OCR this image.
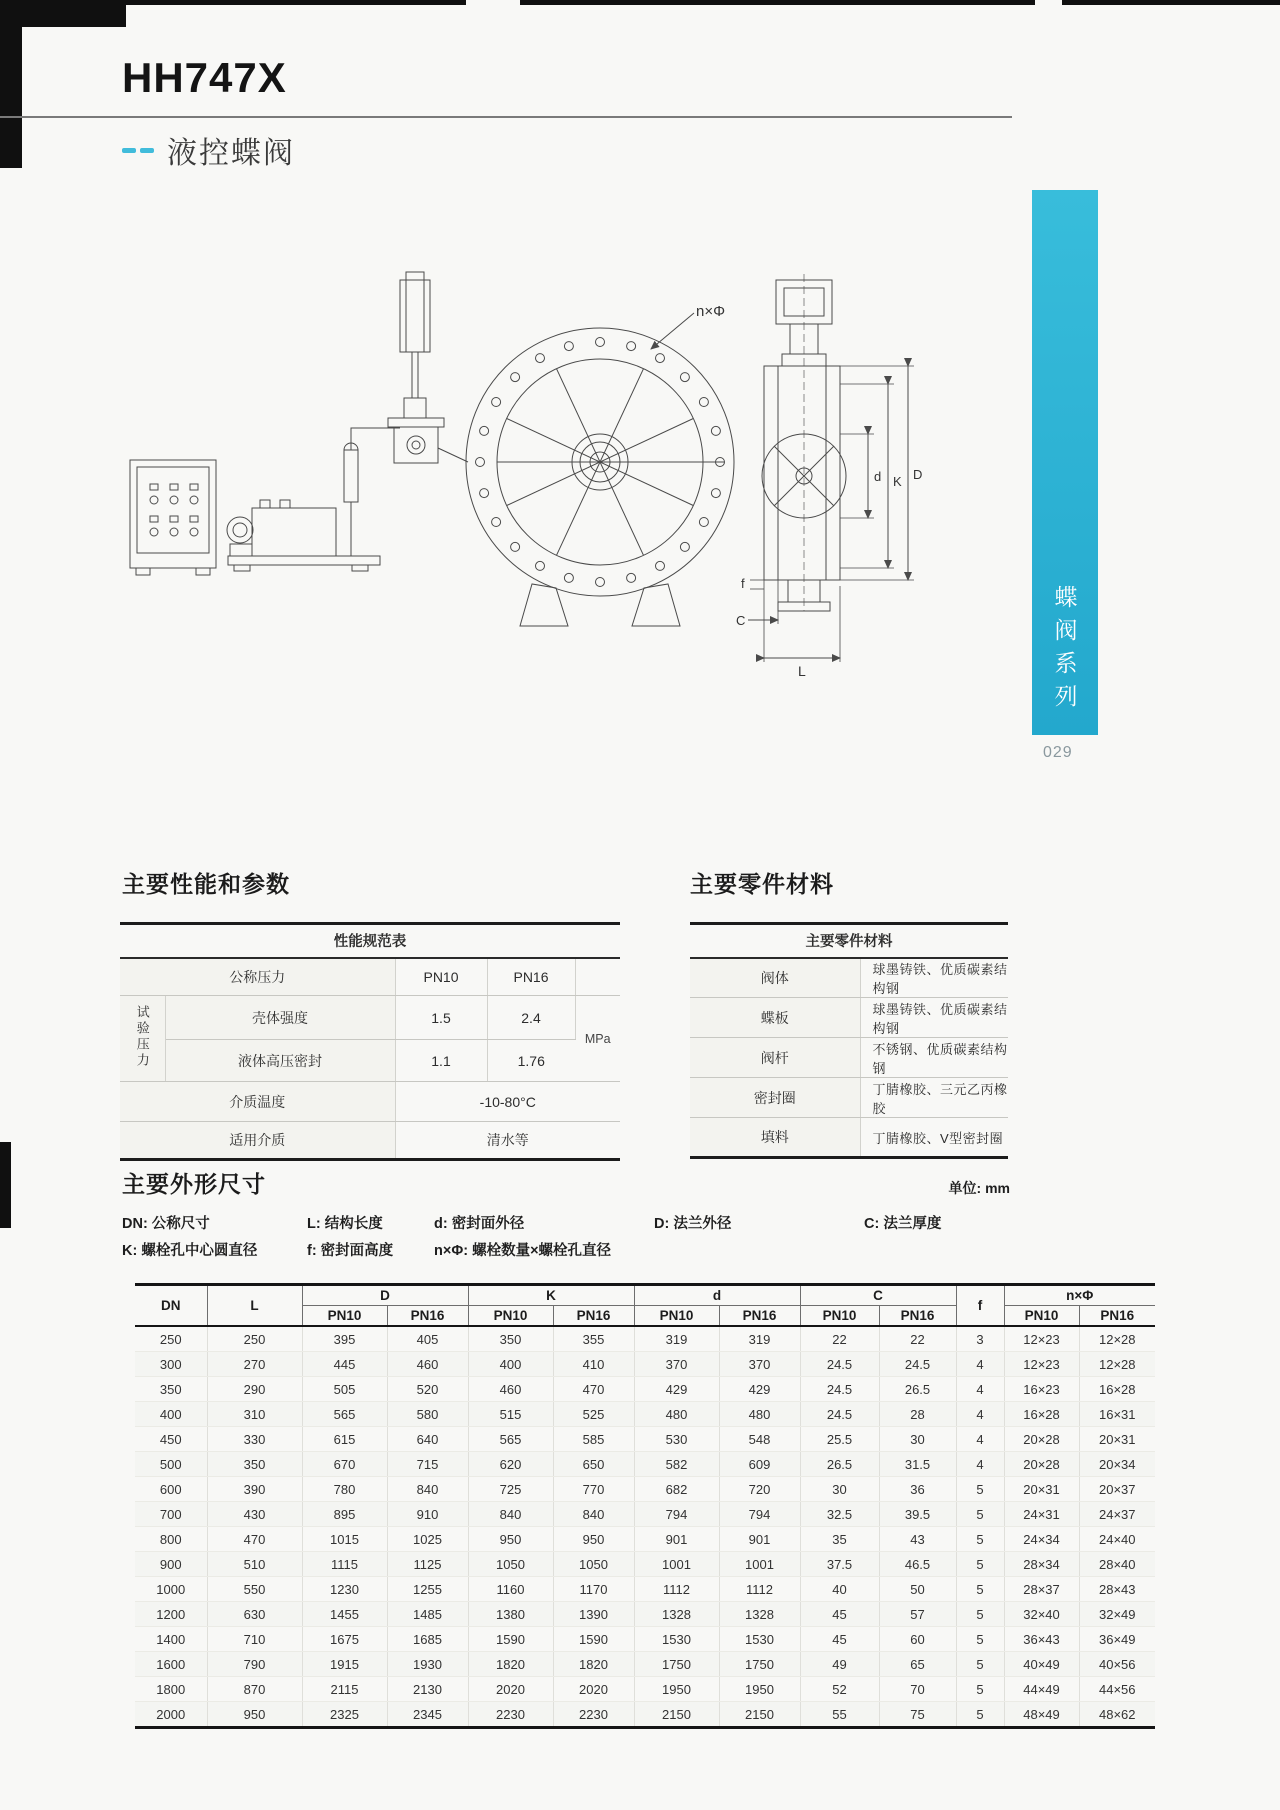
HH747X
液控蝶阀
蝶阀系列
029
n×Φ
d K D
f
C
L
主要性能和参数	主要零件材料
性能规范表				
公称压力		PN10	PN16	
试验压力	壳体强度	1.5	2.4	MPa
	液体高压密封	1.1	1.76	
介质温度		-10-80°C		
适用介质		清水等		
主要零件材料	
阀体	球墨铸铁、优质碳素结构钢
蝶板	球墨铸铁、优质碳素结构钢
阀杆	不锈钢、优质碳素结构钢
密封圈	丁腈橡胶、三元乙丙橡胶
填料	丁腈橡胶、V型密封圈
主要外形尺寸	单位: mm
DN: 公称尺寸	L: 结构长度	d: 密封面外径	D: 法兰外径	C: 法兰厚度
K: 螺栓孔中心圆直径	f: 密封面高度	n×Φ: 螺栓数量×螺栓孔直径
DN	L	D		K		d		C		f	n×Φ	
		PN10	PN16	PN10	PN16	PN10	PN16	PN10	PN16		PN10	PN16
250	250	395	405	350	355	319	319	22	22	3	12×23	12×28
300	270	445	460	400	410	370	370	24.5	24.5	4	12×23	12×28
350	290	505	520	460	470	429	429	24.5	26.5	4	16×23	16×28
400	310	565	580	515	525	480	480	24.5	28	4	16×28	16×31
450	330	615	640	565	585	530	548	25.5	30	4	20×28	20×31
500	350	670	715	620	650	582	609	26.5	31.5	4	20×28	20×34
600	390	780	840	725	770	682	720	30	36	5	20×31	20×37
700	430	895	910	840	840	794	794	32.5	39.5	5	24×31	24×37
800	470	1015	1025	950	950	901	901	35	43	5	24×34	24×40
900	510	1115	1125	1050	1050	1001	1001	37.5	46.5	5	28×34	28×40
1000	550	1230	1255	1160	1170	1112	1112	40	50	5	28×37	28×43
1200	630	1455	1485	1380	1390	1328	1328	45	57	5	32×40	32×49
1400	710	1675	1685	1590	1590	1530	1530	45	60	5	36×43	36×49
1600	790	1915	1930	1820	1820	1750	1750	49	65	5	40×49	40×56
1800	870	2115	2130	2020	2020	1950	1950	52	70	5	44×49	44×56
2000	950	2325	2345	2230	2230	2150	2150	55	75	5	48×49	48×62
